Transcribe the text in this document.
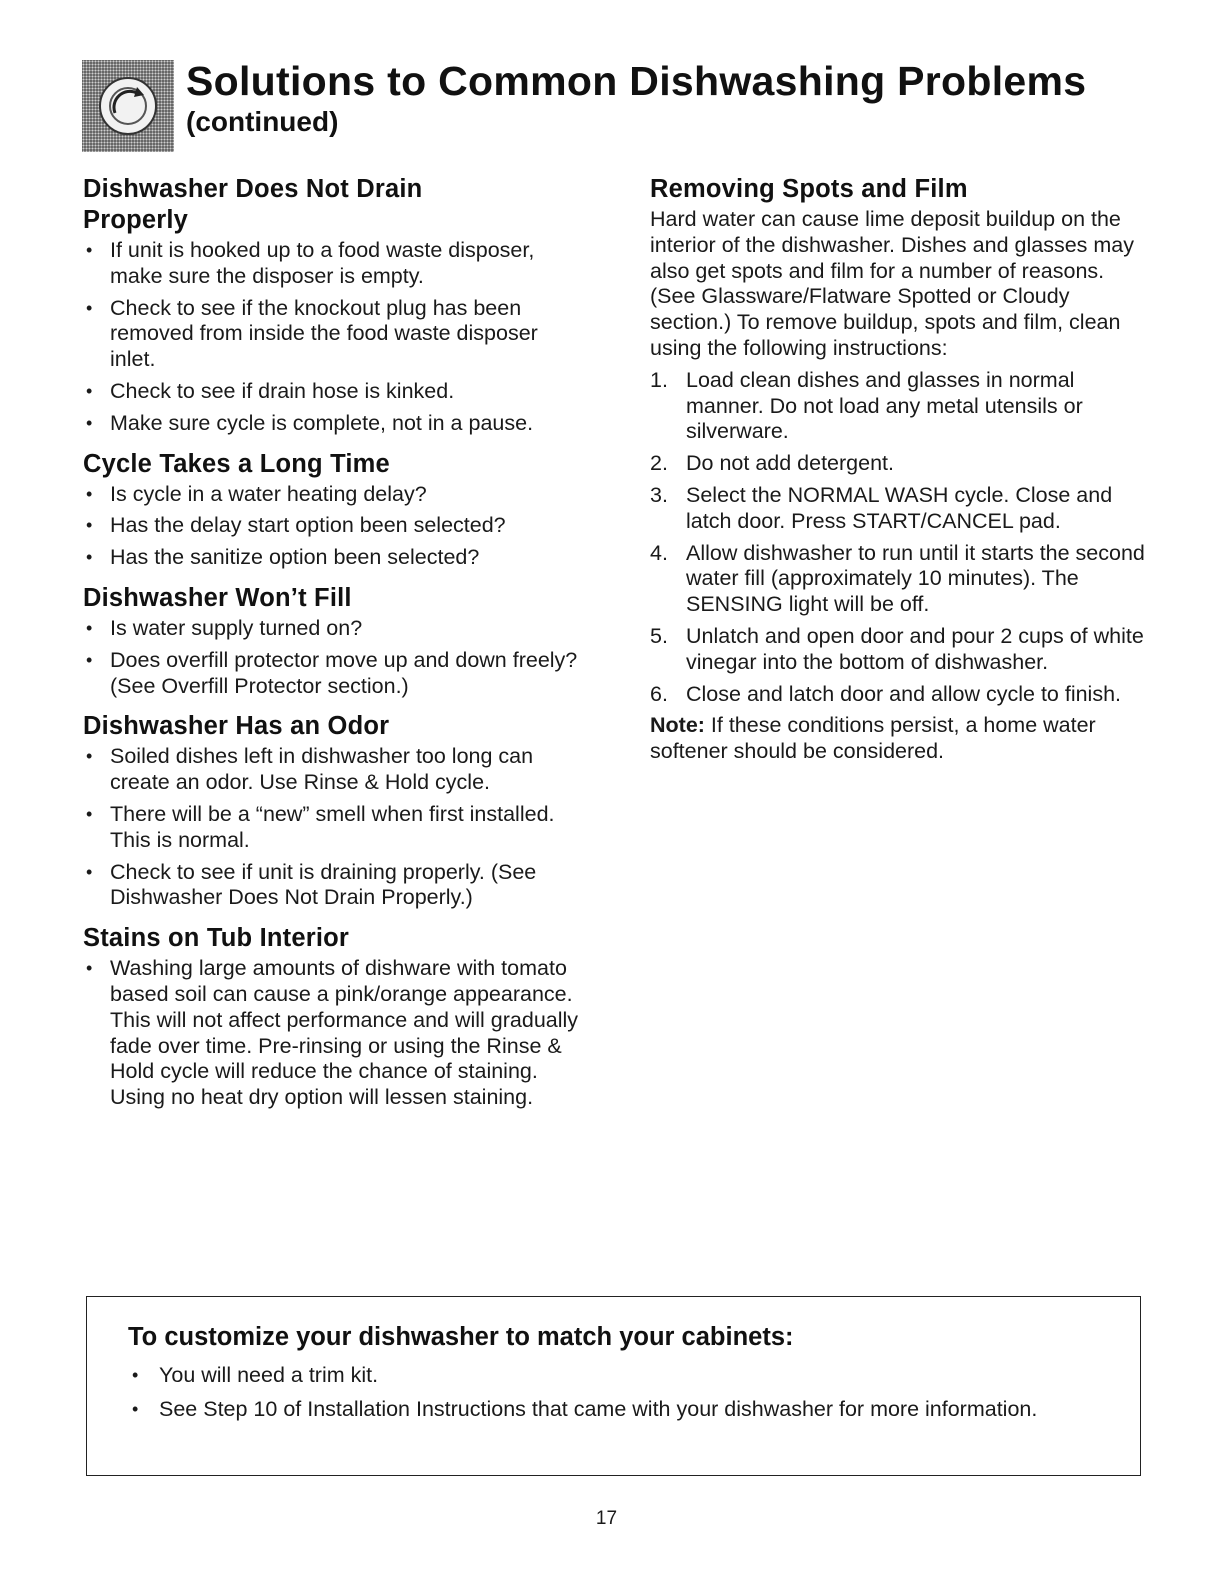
Solutions to Common Dishwashing Problems
(continued)
Dishwasher Does Not Drain
Properly
• If unit is hooked up to a food waste disposer, make sure the disposer is empty.
• Check to see if the knockout plug has been removed from inside the food waste disposer inlet.
• Check to see if drain hose is kinked.
• Make sure cycle is complete, not in a pause.
Cycle Takes a Long Time
• Is cycle in a water heating delay?
• Has the delay start option been selected?
• Has the sanitize option been selected?
Dishwasher Won’t Fill
• Is water supply turned on?
• Does overfill protector move up and down freely? (See Overfill Protector section.)
Dishwasher Has an Odor
• Soiled dishes left in dishwasher too long can create an odor. Use Rinse & Hold cycle.
• There will be a “new” smell when first installed. This is normal.
• Check to see if unit is draining properly. (See Dishwasher Does Not Drain Properly.)
Stains on Tub Interior
• Washing large amounts of dishware with tomato based soil can cause a pink/orange appearance. This will not affect performance and will gradually fade over time. Pre-rinsing or using the Rinse & Hold cycle will reduce the chance of staining. Using no heat dry option will lessen staining.
Removing Spots and Film

Hard water can cause lime deposit buildup on the interior of the dishwasher. Dishes and glasses may also get spots and film for a number of reasons. (See Glassware/Flatware Spotted or Cloudy section.) To remove buildup, spots and film, clean using the following instructions:

1. Load clean dishes and glasses in normal manner. Do not load any metal utensils or silverware.
2. Do not add detergent.
3. Select the NORMAL WASH cycle. Close and latch door. Press START/CANCEL pad.
4. Allow dishwasher to run until it starts the second water fill (approximately 10 minutes). The SENSING light will be off.
5. Unlatch and open door and pour 2 cups of white vinegar into the bottom of dishwasher.
6. Close and latch door and allow cycle to finish.

Note: If these conditions persist, a home water softener should be considered.

To customize your dishwasher to match your cabinets:
• You will need a trim kit.
• See Step 10 of Installation Instructions that came with your dishwasher for more information.
17
